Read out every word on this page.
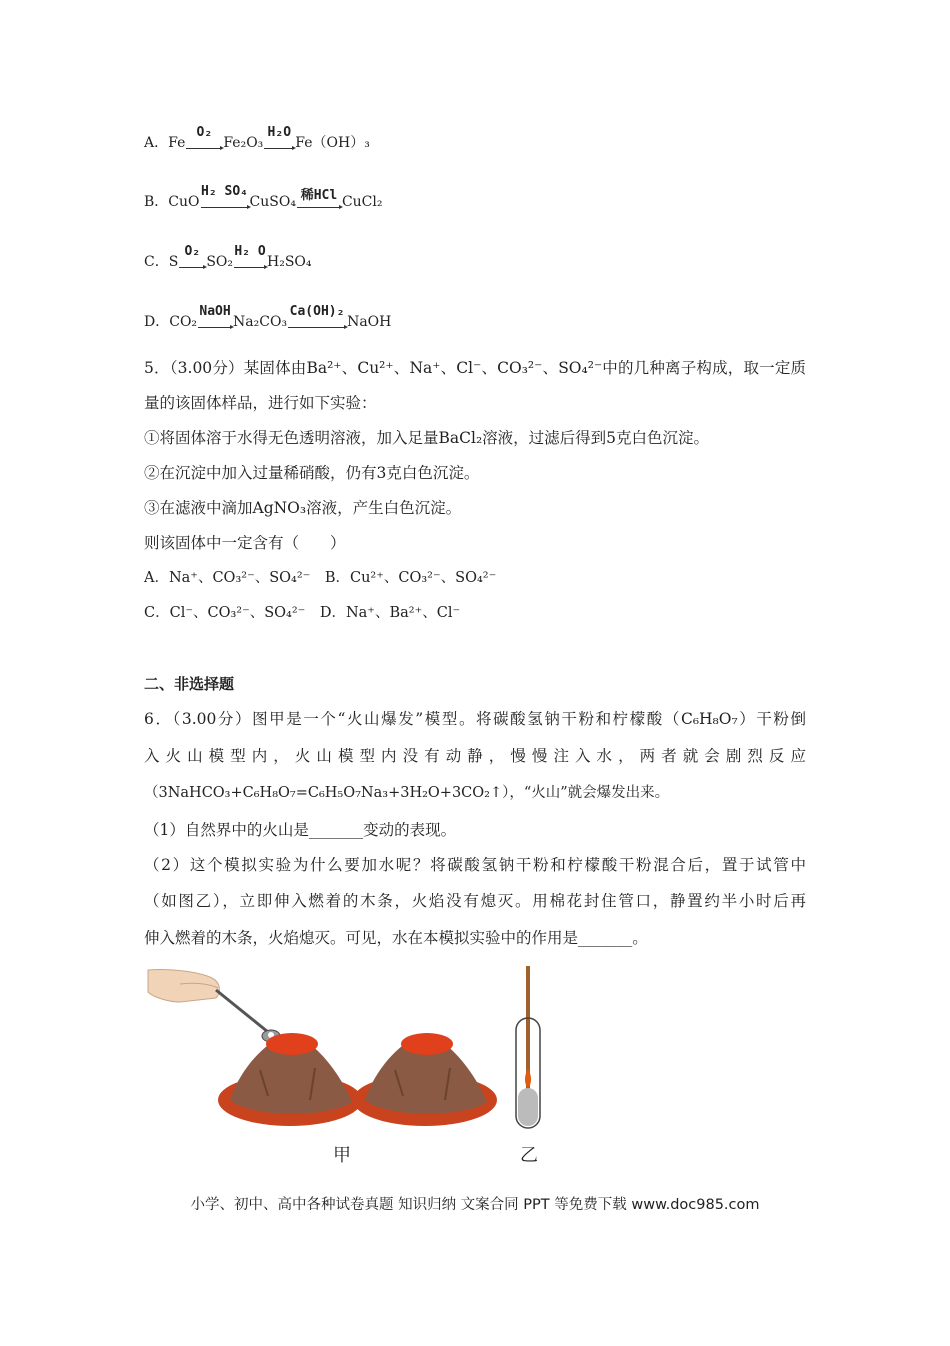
A．Fe
O₂
Fe₂O₃
H₂O
Fe（OH）₃
B．CuO
H₂ SO₄
CuSO₄ 稀HCl CuCl₂
C．S
O₂
SO₂
H₂ O
H₂SO₄
D．CO₂
NaOH
Na₂CO₃
Ca(OH)₂
NaOH
5．（3.00分）某固体由Ba²⁺、Cu²⁺、Na⁺、Cl⁻、CO₃²⁻、SO₄²⁻中的几种离子构成，取一定质
量的该固体样品，进行如下实验：
①将固体溶于水得无色透明溶液，加入足量BaCl₂溶液，过滤后得到5克白色沉淀。
②在沉淀中加入过量稀硝酸，仍有3克白色沉淀。
③在滤液中滴加AgNO₃溶液，产生白色沉淀。
则该固体中一定含有（　　）
A．Na⁺、CO₃²⁻、SO₄²⁻　B．Cu²⁺、CO₃²⁻、SO₄²⁻
C．Cl⁻、CO₃²⁻、SO₄²⁻　D．Na⁺、Ba²⁺、Cl⁻
二、非选择题
6．（3.00分）图甲是一个“火山爆发”模型。将碳酸氢钠干粉和柠檬酸（C₆H₈O₇）干粉倒
入火山模型内，火山模型内没有动静，慢慢注入水，两者就会剧烈反应
（3NaHCO₃+C₆H₈O₇=C₆H₅O₇Na₃+3H₂O+3CO₂↑），“火山”就会爆发出来。
（1）自然界中的火山是_______变动的表现。
（2）这个模拟实验为什么要加水呢？将碳酸氢钠干粉和柠檬酸干粉混合后，置于试管中
（如图乙），立即伸入燃着的木条，火焰没有熄灭。用棉花封住管口，静置约半小时后再
伸入燃着的木条，火焰熄灭。可见，水在本模拟实验中的作用是_______。
甲	乙
小学、初中、高中各种试卷真题 知识归纳 文案合同 PPT 等免费下载 www.doc985.com
